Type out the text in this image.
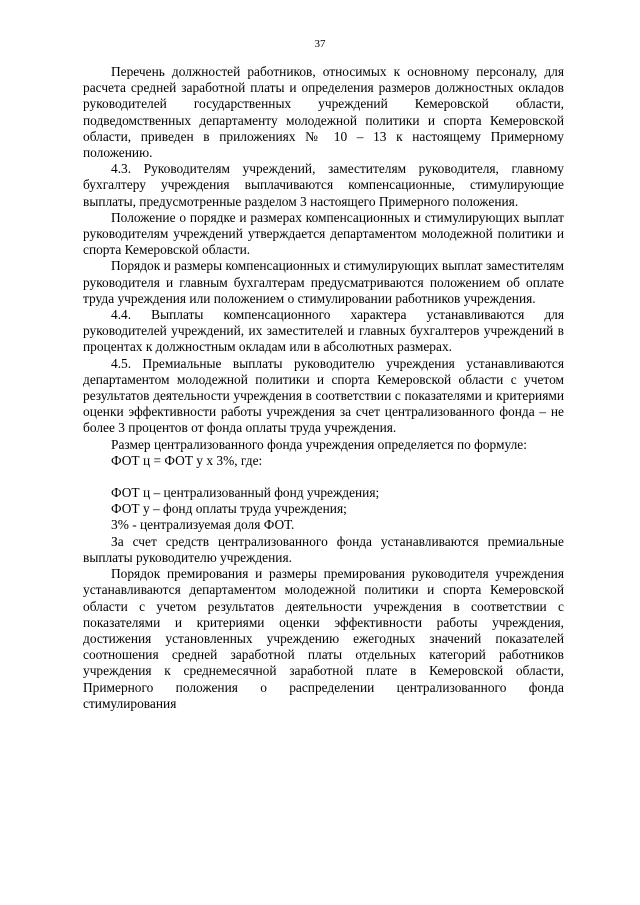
37

Перечень должностей работников, относимых к основному персоналу, для расчета средней заработной платы и определения размеров должностных окладов руководителей государственных учреждений Кемеровской области, подведомственных департаменту молодежной политики и спорта Кемеровской области, приведен в приложениях № 10 – 13 к настоящему Примерному положению.

4.3. Руководителям учреждений, заместителям руководителя, главному бухгалтеру учреждения выплачиваются компенсационные, стимулирующие выплаты, предусмотренные разделом 3 настоящего Примерного положения.

Положение о порядке и размерах компенсационных и стимулирующих выплат руководителям учреждений утверждается департаментом молодежной политики и спорта Кемеровской области.

Порядок и размеры компенсационных и стимулирующих выплат заместителям руководителя и главным бухгалтерам предусматриваются положением об оплате труда учреждения или положением о стимулировании работников учреждения.

4.4. Выплаты компенсационного характера устанавливаются для руководителей учреждений, их заместителей и главных бухгалтеров учреждений в процентах к должностным окладам или в абсолютных размерах.

4.5. Премиальные выплаты руководителю учреждения устанавливаются департаментом молодежной политики и спорта Кемеровской области с учетом результатов деятельности учреждения в соответствии с показателями и критериями оценки эффективности работы учреждения за счет централизованного фонда – не более 3 процентов от фонда оплаты труда учреждения.

Размер централизованного фонда учреждения определяется по формуле:

ФОТ ц = ФОТ у х 3%, где:

ФОТ ц – централизованный фонд учреждения;

ФОТ у – фонд оплаты труда учреждения;

3% - централизуемая доля ФОТ.

За счет средств централизованного фонда устанавливаются премиальные выплаты руководителю учреждения.

Порядок премирования и размеры премирования руководителя учреждения устанавливаются департаментом молодежной политики и спорта Кемеровской области с учетом результатов деятельности учреждения в соответствии с показателями и критериями оценки эффективности работы учреждения, достижения установленных учреждению ежегодных значений показателей соотношения средней заработной платы отдельных категорий работников учреждения к среднемесячной заработной плате в Кемеровской области, Примерного положения о распределении централизованного фонда стимулирования
